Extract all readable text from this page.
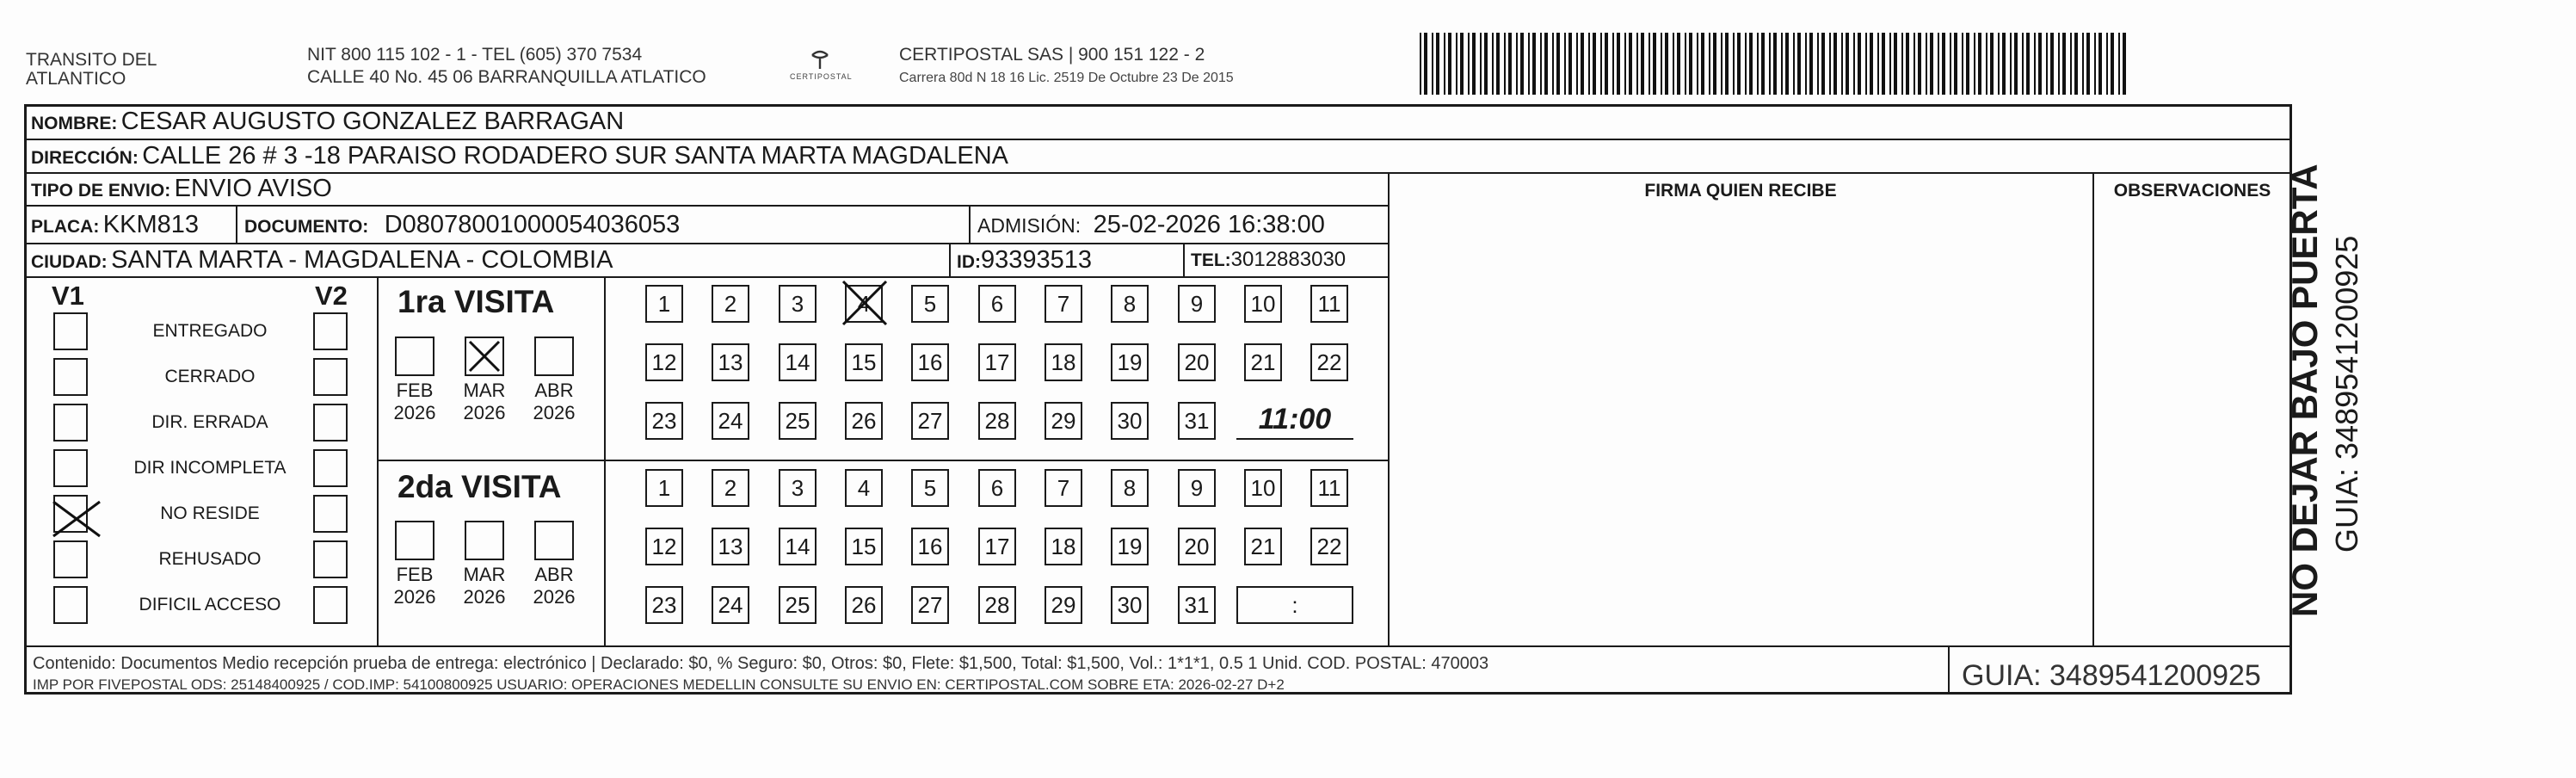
TRANSITO DEL
ATLANTICO
NIT 800 115 102 - 1 - TEL (605) 370 7534
CALLE 40 No. 45 06 BARRANQUILLA ATLATICO	CERTIPOSTAL
CERTIPOSTAL SAS | 900 151 122 - 2
Carrera 80d N 18 16 Lic. 2519 De Octubre 23 De 2015
NOMBRE: CESAR AUGUSTO GONZALEZ BARRAGAN
DIRECCIÓN: CALLE 26 # 3 -18 PARAISO RODADERO SUR SANTA MARTA MAGDALENA
TIPO DE ENVIO: ENVIO AVISO	FIRMA QUIEN RECIBE	OBSERVACIONES
PLACA: KKM813	DOCUMENTO: D08078001000054036053	ADMISIÓN: 25-02-2026 16:38:00
CIUDAD: SANTA MARTA - MAGDALENA - COLOMBIA	ID:93393513	TEL:3012883030
V1	V2
ENTREGADO
CERRADO
DIR. ERRADA
DIR INCOMPLETA
NO RESIDE
REHUSADO
DIFICIL ACCESO
1ra VISITA
2da VISITA
FEB
2026
MAR
2026
ABR
2026
1	2	3	4	5	6	7	8	9	10	11
12 13 14 15 16 17 18 19 20 21 22
23 24 25 26 27 28 29 30 31	11:00
FEB
2026
MAR
2026
ABR
2026
1	2	3	4	5	6	7	8	9	10	11
12 13 14 15 16 17 18 19 20 21 22
23 24 25 26 27 28 29 30 31	:	NO DEJAR BAJO PUERTA GUIA: 3489541200925
Contenido: Documentos Medio recepción prueba de entrega: electrónico | Declarado: $0, % Seguro: $0, Otros: $0, Flete: $1,500, Total: $1,500, Vol.: 1*1*1, 0.5 1 Unid. COD. POSTAL: 470003
IMP POR FIVEPOSTAL ODS: 25148400925 / COD.IMP: 54100800925 USUARIO: OPERACIONES MEDELLIN CONSULTE SU ENVIO EN: CERTIPOSTAL.COM SOBRE ETA: 2026-02-27 D+2	GUIA: 3489541200925
